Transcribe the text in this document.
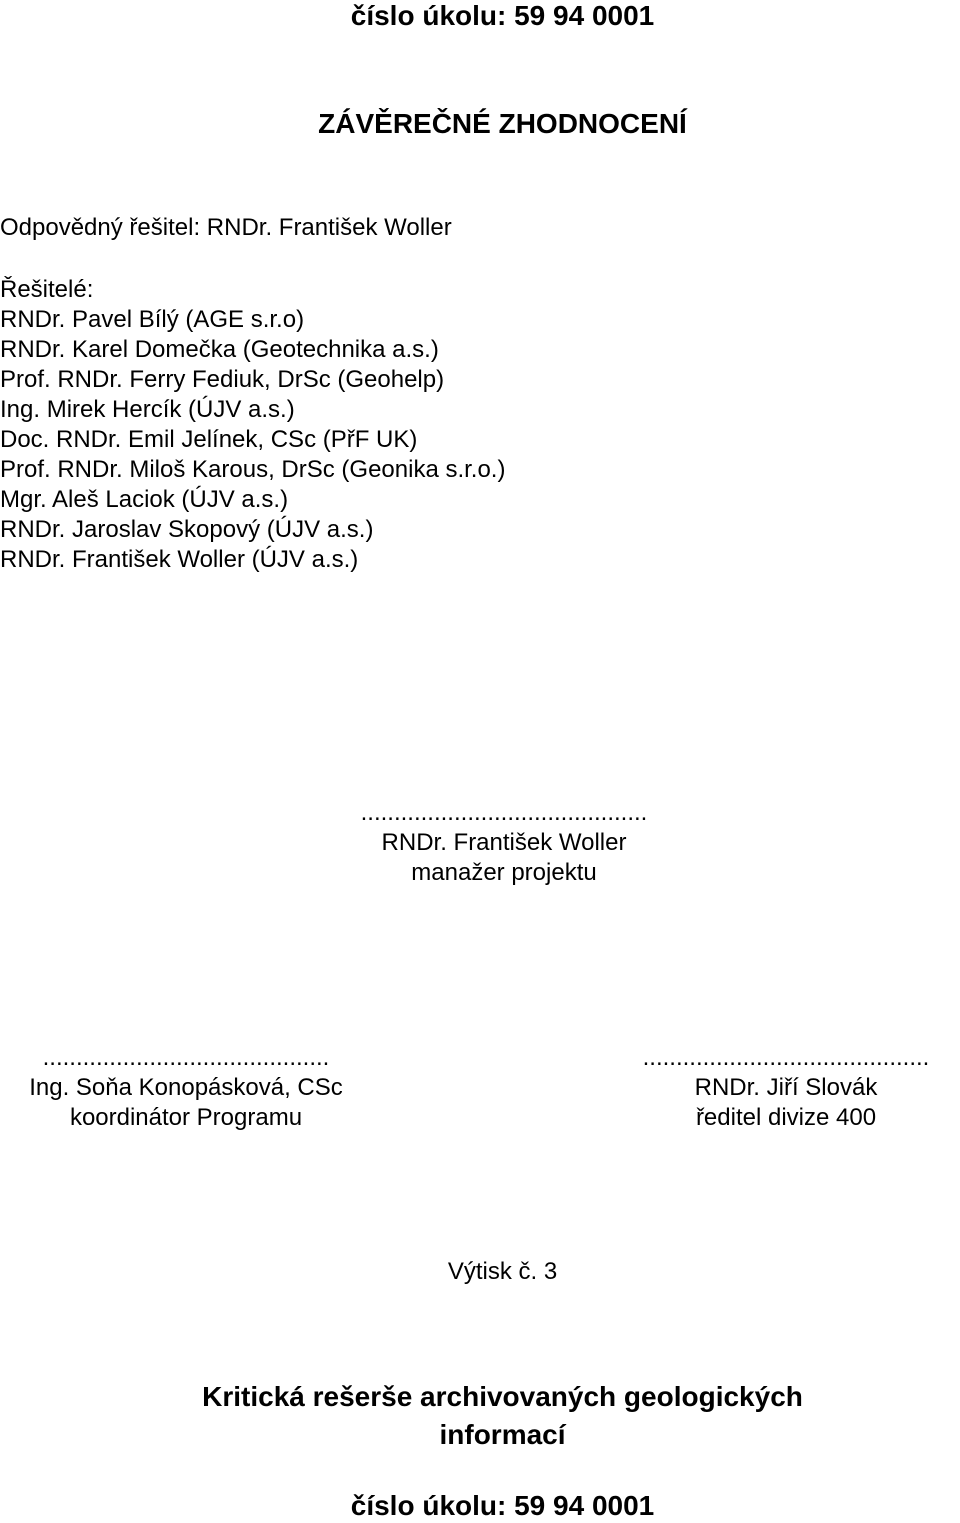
číslo úkolu: 59 94 0001
ZÁVĚREČNÉ ZHODNOCENÍ
Odpovědný řešitel: RNDr. František Woller
Řešitelé:
RNDr. Pavel Bílý (AGE s.r.o)
RNDr. Karel Domečka (Geotechnika a.s.)
Prof. RNDr. Ferry Fediuk, DrSc (Geohelp)
Ing. Mirek Hercík (ÚJV a.s.)
Doc. RNDr. Emil Jelínek, CSc (PřF UK)
Prof. RNDr. Miloš Karous, DrSc (Geonika s.r.o.)
Mgr. Aleš Laciok (ÚJV a.s.)
RNDr. Jaroslav Skopový (ÚJV a.s.)
RNDr. František Woller (ÚJV a.s.)
...........................................
RNDr. František Woller
manažer projektu
...........................................
Ing. Soňa Konopásková, CSc
koordinátor Programu
...........................................
RNDr. Jiří Slovák
ředitel divize 400
Výtisk č. 3
Kritická rešerše archivovaných geologických
informací
číslo úkolu: 59 94 0001
